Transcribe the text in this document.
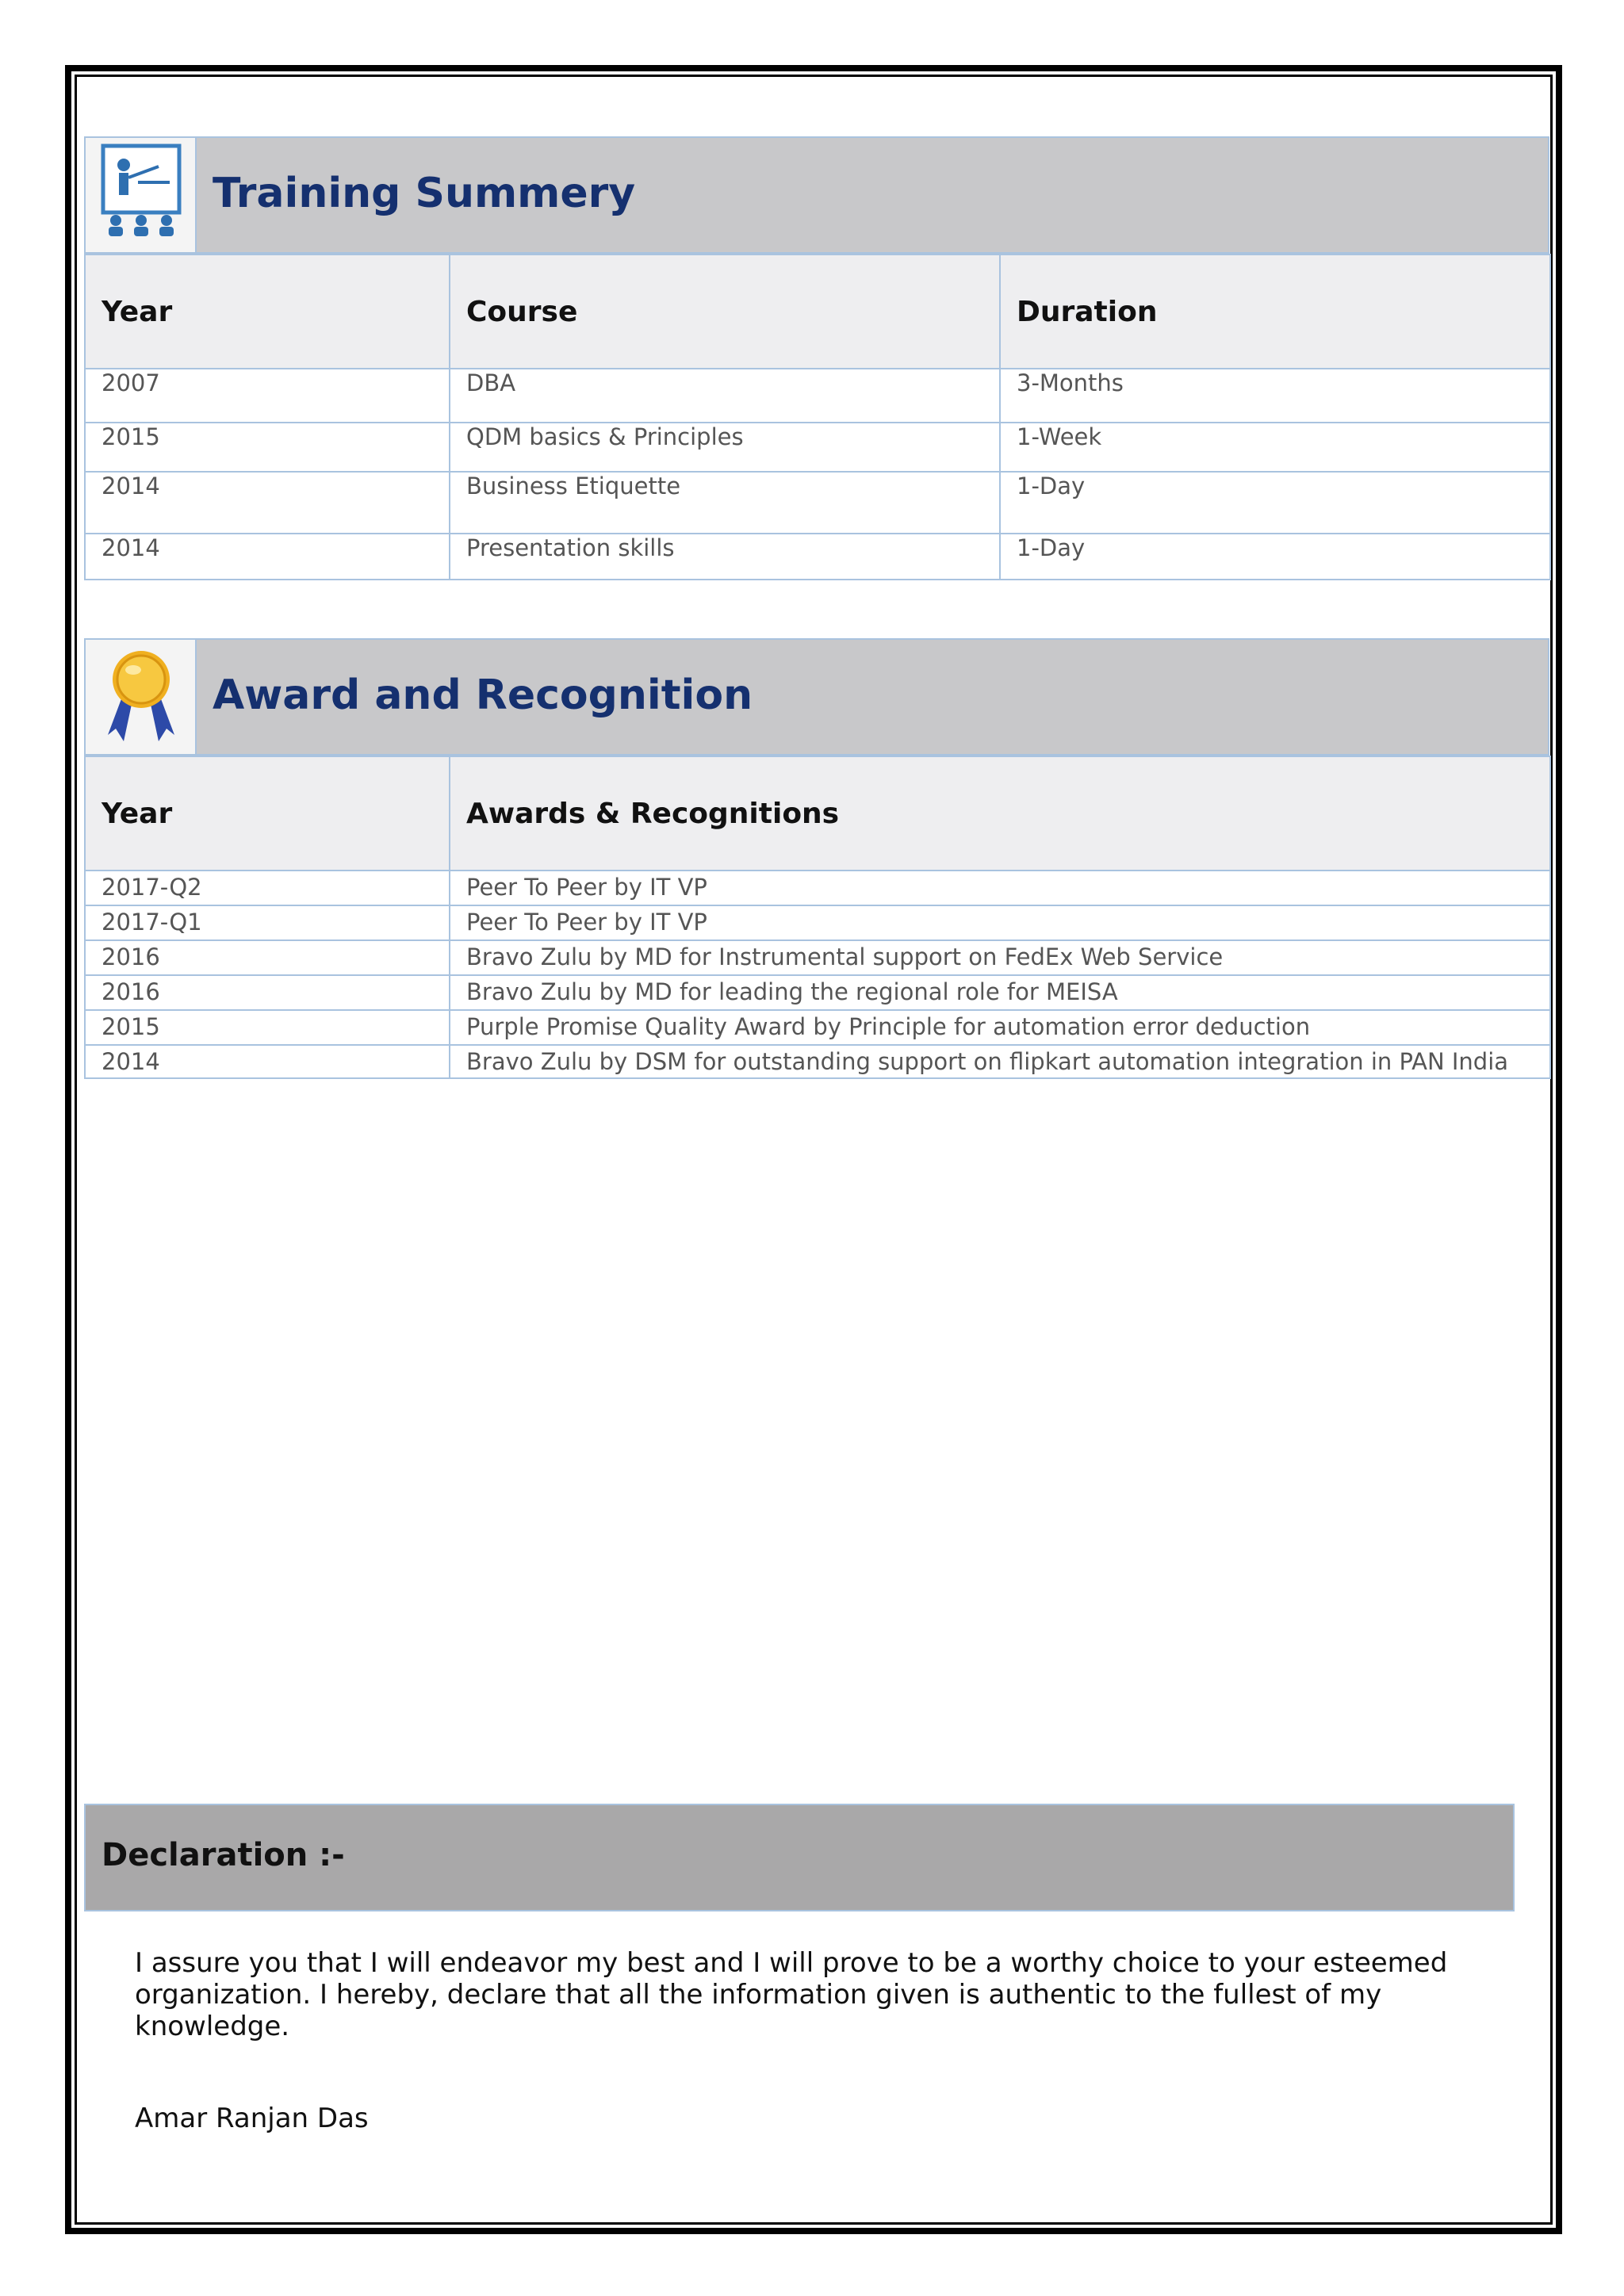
Training Summery
Year	Course	Duration
2007	DBA	3-Months
2015	QDM basics & Principles	1-Week
2014	Business Etiquette	1-Day
2014	Presentation skills	1-Day
Award and Recognition
Year	Awards & Recognitions
2017-Q2	Peer To Peer by IT VP
2017-Q1	Peer To Peer by IT VP
2016	Bravo Zulu by MD for Instrumental support on FedEx Web Service
2016	Bravo Zulu by MD for leading the regional role for MEISA
2015	Purple Promise Quality Award by Principle for automation error deduction
2014	Bravo Zulu by DSM for outstanding support on flipkart automation integration in PAN India
Declaration :-

I assure you that I will endeavor my best and I will prove to be a worthy choice to your esteemed

organization. I hereby, declare that all the information given is authentic to the fullest of my knowledge.

Amar Ranjan Das
